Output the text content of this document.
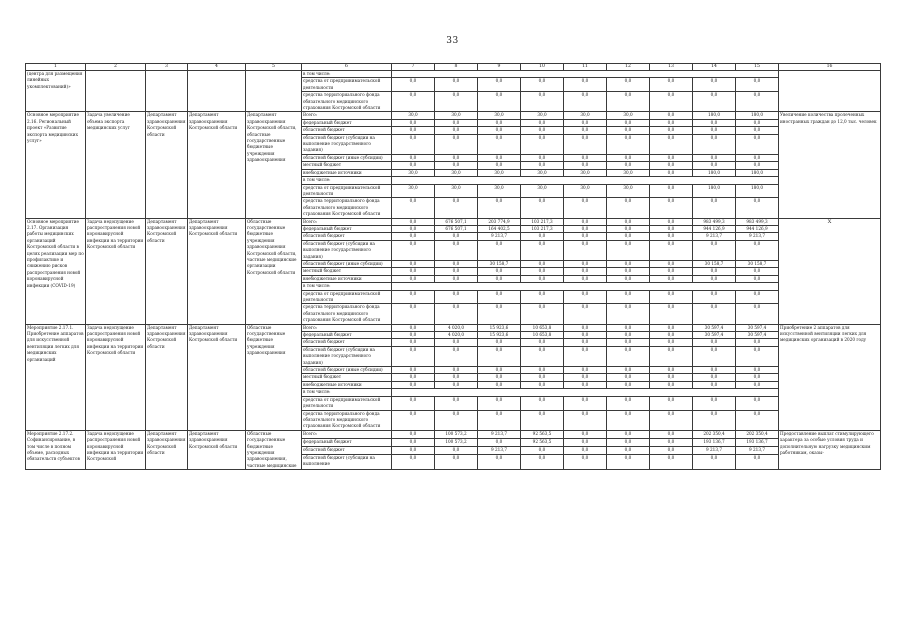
33
1	2	3	4	5	6	7	8	9	10	11	12	13	14	15	16
(центра для размещения линейных укомплектований)»					в том числе:										
					средства от предпринимательской деятельности	0,0	0,0	0,0	0,0	0,0	0,0	0,0	0,0	0,0	
					средства территориального фонда обязательного медицинского страхования Костромской области	0,0	0,0	0,0	0,0	0,0	0,0	0,0	0,0	0,0	
Основное мероприятие 2.16. Региональный проект «Развитие экспорта медицинских услуг»	Задача увеличение объема экспорта медицинских услуг	Департамент здравоохранения Костромской области	Департамент здравоохранения Костромской области	Департамент здравоохранения Костромской области, областные государственные бюджетные учреждения здравоохранения	Всего:	30,0	30,0	30,0	30,0	30,0	30,0	0,0	180,0	180,0	Увеличение количества пролеченных иностранных граждан до 12,0 тыс. человек
					федеральный бюджет	0,0	0,0	0,0	0,0	0,0	0,0	0,0	0,0	0,0	
					областной бюджет	0,0	0,0	0,0	0,0	0,0	0,0	0,0	0,0	0,0	
					областной бюджет (субсидии на выполнение государственного задания)	0,0	0,0	0,0	0,0	0,0	0,0	0,0	0,0	0,0	
					областной бюджет (иные субсидии)	0,0	0,0	0,0	0,0	0,0	0,0	0,0	0,0	0,0	
					местный бюджет	0,0	0,0	0,0	0,0	0,0	0,0	0,0	0,0	0,0	
					внебюджетные источники	30,0	30,0	30,0	30,0	30,0	30,0	0,0	180,0	180,0	
					в том числе:										
					средства от предпринимательской деятельности	30,0	30,0	30,0	30,0	30,0	30,0	0,0	180,0	180,0	
					средства территориального фонда обязательного медицинского страхования Костромской области	0,0	0,0	0,0	0,0	0,0	0,0	0,0	0,0	0,0	
Основное мероприятие 2.17. Организация работы медицинских организаций Костромской области в целях реализации мер по профилактике и снижению рисков распространения новой коронавирусной инфекции (COVID-19)	Задача недопущение распространения новой коронавирусной инфекции на территории Костромской области	Департамент здравоохранения Костромской области	Департамент здравоохранения Костромской области	Областные государственные бюджетные учреждения здравоохранения Костромской области, частные медицинские организации Костромской области	Всего:	0,0	676 507,1	203 774,9	103 217,3	0,0	0,0	0,0	983 499,3	983 499,3	X
					федеральный бюджет	0,0	676 507,1	164 402,5	103 217,3	0,0	0,0	0,0	944 126,9	944 126,9	
					областной бюджет	0,0	0,0	9 213,7	0,0	0,0	0,0	0,0	9 213,7	9 213,7	
					областной бюджет (субсидии на выполнение государственного задания)	0,0	0,0	0,0	0,0	0,0	0,0	0,0	0,0	0,0	
					областной бюджет (иные субсидии)	0,0	0,0	30 158,7	0,0	0,0	0,0	0,0	30 158,7	30 158,7	
					местный бюджет	0,0	0,0	0,0	0,0	0,0	0,0	0,0	0,0	0,0	
					внебюджетные источники	0,0	0,0	0,0	0,0	0,0	0,0	0,0	0,0	0,0	
					в том числе:										
					средства от предпринимательской деятельности	0,0	0,0	0,0	0,0	0,0	0,0	0,0	0,0	0,0	
					средства территориального фонда обязательного медицинского страхования Костромской области	0,0	0,0	0,0	0,0	0,0	0,0	0,0	0,0	0,0	
Мероприятие 2.17.1. Приобретение аппаратов для искусственной вентиляции легких для медицинских организаций	Задача недопущение распространения новой коронавирусной инфекции на территории Костромской области	Департамент здравоохранения Костромской области	Департамент здравоохранения Костромской области	Областные государственные бюджетные учреждения здравоохранения	Всего:	0,0	4 020,0	15 923,6	10 653,8	0,0	0,0	0,0	30 597,4	30 597,4	Приобретение 2 аппаратов для искусственной вентиляции легких для медицинских организаций в 2020 году
					федеральный бюджет	0,0	4 020,0	15 923,6	10 653,8	0,0	0,0	0,0	30 597,4	30 597,4	
					областной бюджет	0,0	0,0	0,0	0,0	0,0	0,0	0,0	0,0	0,0	
					областной бюджет (субсидии на выполнение государственного задания)	0,0	0,0	0,0	0,0	0,0	0,0	0,0	0,0	0,0	
					областной бюджет (иные субсидии)	0,0	0,0	0,0	0,0	0,0	0,0	0,0	0,0	0,0	
					местный бюджет	0,0	0,0	0,0	0,0	0,0	0,0	0,0	0,0	0,0	
					внебюджетные источники	0,0	0,0	0,0	0,0	0,0	0,0	0,0	0,0	0,0	
					в том числе:										
					средства от предпринимательской деятельности	0,0	0,0	0,0	0,0	0,0	0,0	0,0	0,0	0,0	
					средства территориального фонда обязательного медицинского страхования Костромской области	0,0	0,0	0,0	0,0	0,0	0,0	0,0	0,0	0,0	
Мероприятие 2.17.2. Софинансирование, в том числе в полном объеме, расходных обязательств субъектов	Задача недопущение распространения новой коронавирусной инфекции на территории Костромской	Департамент здравоохранения Костромской области	Департамент здравоохранения Костромской области	Областные государственные бюджетные учреждения здравоохранения, частные медицинские	Всего:	0,0	100 573,2	9 213,7	92 563,5	0,0	0,0	0,0	202 350,4	202 350,4	Предоставление выплат стимулирующего характера за особые условия труда и дополнительную нагрузку медицинским работникам, оказы-
					федеральный бюджет	0,0	100 573,2	0,0	92 563,5	0,0	0,0	0,0	193 136,7	193 136,7	
					областной бюджет	0,0	0,0	9 213,7	0,0	0,0	0,0	0,0	9 213,7	9 213,7	
					областной бюджет (субсидии на выполнение	0,0	0,0	0,0	0,0	0,0	0,0	0,0	0,0	0,0	
